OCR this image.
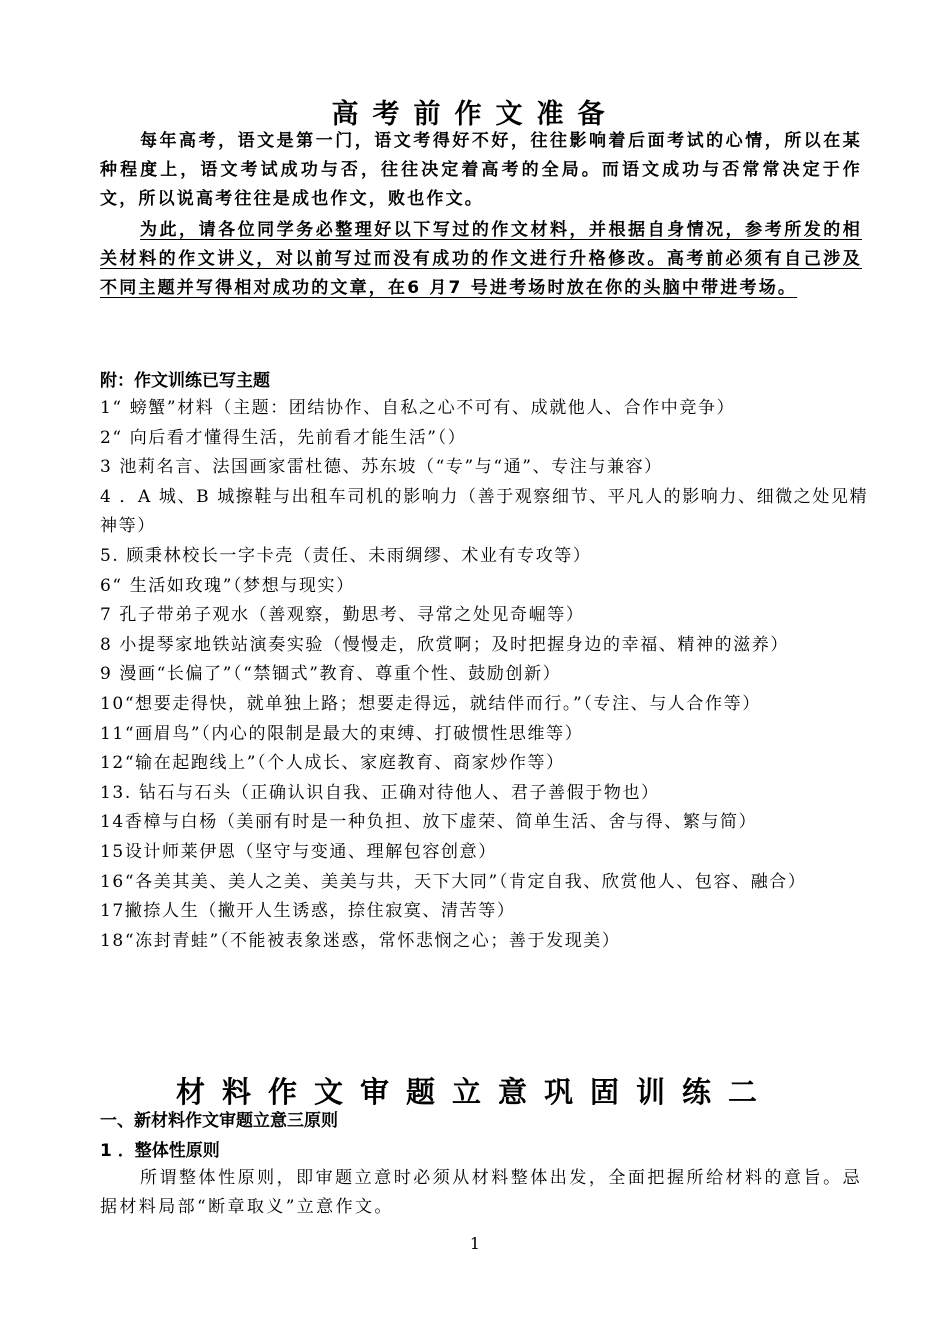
高考前作文准备

每年高考，语文是第一门，语文考得好不好，往往影响着后面考试的心情，所以在某种程度上，语文考试成功与否，往往决定着高考的全局。而语文成功与否常常决定于作文，所以说高考往往是成也作文，败也作文。

为此，请各位同学务必整理好以下写过的作文材料，并根据自身情况，参考所发的相关材料的作文讲义，对以前写过而没有成功的作文进行升格修改。高考前必须有自己涉及不同主题并写得相对成功的文章，在6 月7 号进考场时放在你的头脑中带进考场。

附：作文训练已写主题
1“ 螃蟹”材料（主题：团结协作、自私之心不可有、成就他人、合作中竞争）
2“ 向后看才懂得生活，先前看才能生活”（）
3 池莉名言、法国画家雷杜德、苏东坡（“专”与“通”、专注与兼容）
4 ．A 城、B 城擦鞋与出租车司机的影响力（善于观察细节、平凡人的影响力、细微之处见精神等）
5. 顾秉林校长一字卡壳（责任、未雨绸缪、术业有专攻等）
6“ 生活如玫瑰”（梦想与现实）
7 孔子带弟子观水（善观察，勤思考、寻常之处见奇崛等）
8 小提琴家地铁站演奏实验（慢慢走，欣赏啊；及时把握身边的幸福、精神的滋养）
9 漫画“长偏了”（“禁锢式”教育、尊重个性、鼓励创新）
10“想要走得快，就单独上路；想要走得远，就结伴而行。”（专注、与人合作等）
11“画眉鸟”（内心的限制是最大的束缚、打破惯性思维等）
12“输在起跑线上”（个人成长、家庭教育、商家炒作等）
13. 钻石与石头（正确认识自我、正确对待他人、君子善假于物也）
14香樟与白杨（美丽有时是一种负担、放下虚荣、简单生活、舍与得、繁与简）
15设计师莱伊恩（坚守与变通、理解包容创意）
16“各美其美、美人之美、美美与共，天下大同”（肯定自我、欣赏他人、包容、融合）
17撇捺人生（撇开人生诱惑，捺住寂寞、清苦等）
18“冻封青蛙”（不能被表象迷惑，常怀悲悯之心；善于发现美）
材料作文审题立意巩固训练二
一、新材料作文审题立意三原则
1 ．整体性原则

所谓整体性原则，即审题立意时必须从材料整体出发，全面把握所给材料的意旨。忌据材料局部“断章取义”立意作文。

1
